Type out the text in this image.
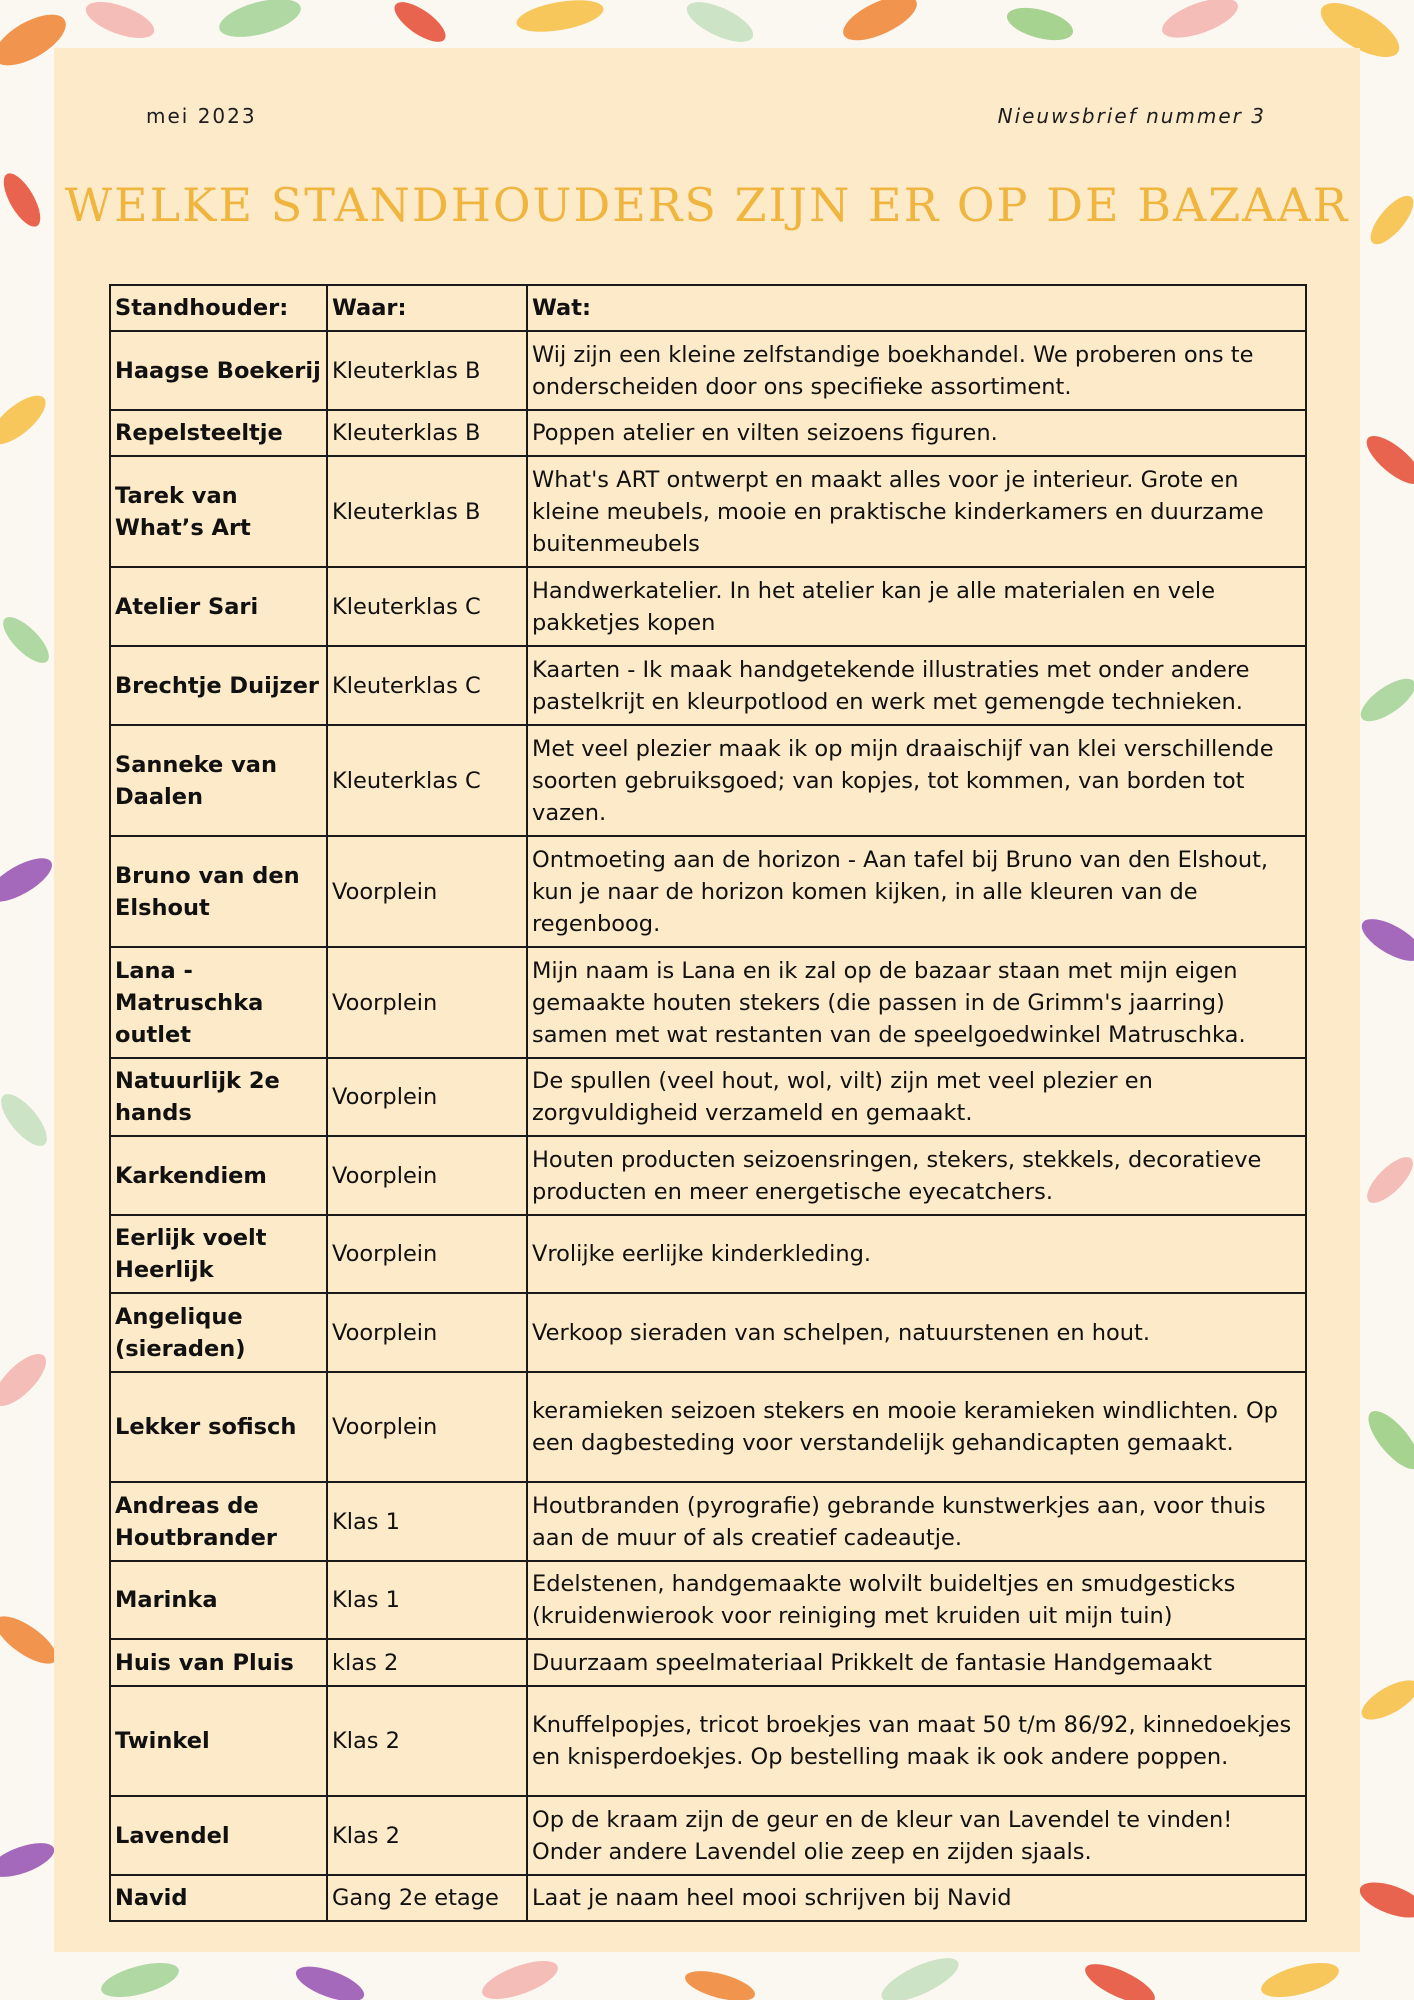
mei 2023	Nieuwsbrief nummer 3
WELKE STANDHOUDERS ZIJN ER OP DE BAZAAR
Standhouder:	Waar:	Wat:
Haagse Boekerij	Kleuterklas B	Wij zijn een kleine zelfstandige boekhandel. We proberen ons te onderscheiden door ons specifieke assortiment.
Repelsteeltje	Kleuterklas B	Poppen atelier en vilten seizoens figuren.
Tarek van What’s Art	Kleuterklas B	What's ART ontwerpt en maakt alles voor je interieur. Grote en kleine meubels, mooie en praktische kinderkamers en duurzame buitenmeubels
Atelier Sari	Kleuterklas C	Handwerkatelier. In het atelier kan je alle materialen en vele pakketjes kopen
Brechtje Duijzer	Kleuterklas C	Kaarten - Ik maak handgetekende illustraties met onder andere pastelkrijt en kleurpotlood en werk met gemengde technieken.
Sanneke van Daalen	Kleuterklas C	Met veel plezier maak ik op mijn draaischijf van klei verschillende soorten gebruiksgoed; van kopjes, tot kommen, van borden tot vazen.
Bruno van den Elshout	Voorplein	Ontmoeting aan de horizon - Aan tafel bij Bruno van den Elshout, kun je naar de horizon komen kijken, in alle kleuren van de regenboog.
Lana - Matruschka outlet	Voorplein	Mijn naam is Lana en ik zal op de bazaar staan met mijn eigen gemaakte houten stekers (die passen in de Grimm's jaarring) samen met wat restanten van de speelgoedwinkel Matruschka.
Natuurlijk 2e hands	Voorplein	De spullen (veel hout, wol, vilt) zijn met veel plezier en zorgvuldigheid verzameld en gemaakt.
Karkendiem	Voorplein	Houten producten seizoensringen, stekers, stekkels, decoratieve producten en meer energetische eyecatchers.
Eerlijk voelt Heerlijk	Voorplein	Vrolijke eerlijke kinderkleding.
Angelique (sieraden)	Voorplein	Verkoop sieraden van schelpen, natuurstenen en hout.
Lekker sofisch	Voorplein	keramieken seizoen stekers en mooie keramieken windlichten. Op een dagbesteding voor verstandelijk gehandicapten gemaakt.
Andreas de Houtbrander	Klas 1	Houtbranden (pyrografie) gebrande kunstwerkjes aan, voor thuis aan de muur of als creatief cadeautje.
Marinka	Klas 1	Edelstenen, handgemaakte wolvilt buideltjes en smudgesticks (kruidenwierook voor reiniging met kruiden uit mijn tuin)
Huis van Pluis	klas 2	Duurzaam speelmateriaal Prikkelt de fantasie Handgemaakt
Twinkel	Klas 2	Knuffelpopjes, tricot broekjes van maat 50 t/m 86/92, kinnedoekjes en knisperdoekjes. Op bestelling maak ik ook andere poppen.
Lavendel	Klas 2	Op de kraam zijn de geur en de kleur van Lavendel te vinden! Onder andere Lavendel olie zeep en zijden sjaals.
Navid	Gang 2e etage	Laat je naam heel mooi schrijven bij Navid
